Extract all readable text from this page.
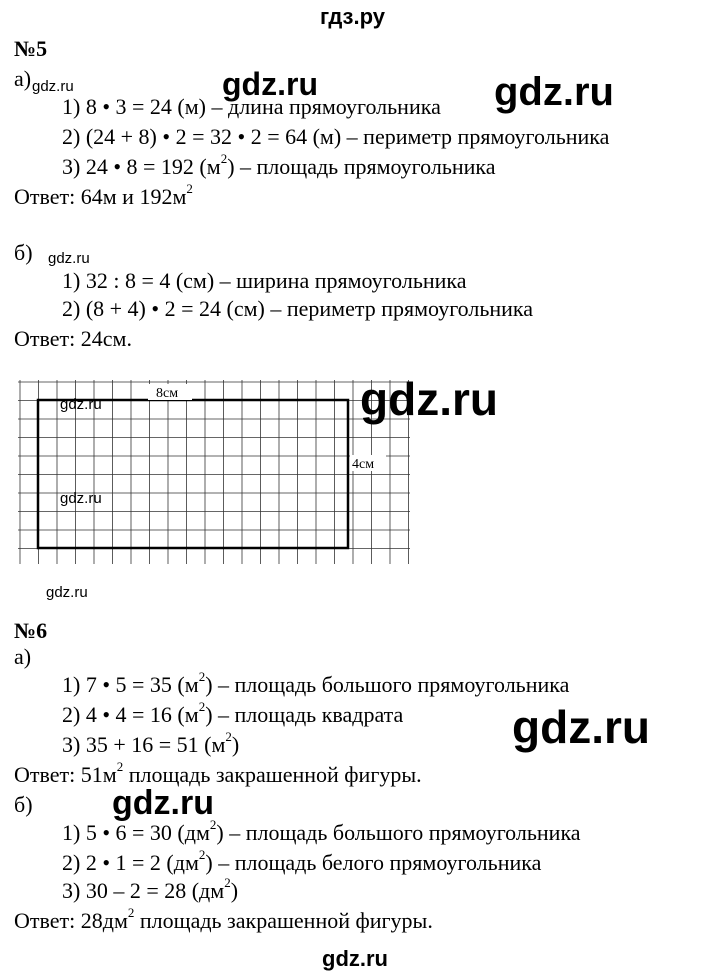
гдз.ру
№5
а) gdz.ru	gdz.ru	gdz.ru
1) 8 • 3 = 24 (м) – длина прямоугольника
2) (24 + 8) • 2 = 32 • 2 = 64 (м) – периметр прямоугольника
3) 24 • 8 = 192 $(м^2)$ – площадь прямоугольника
Ответ: 64м и $192м^2$
б) gdz.ru
1) 32 : 8 = 4 (см) – ширина прямоугольника
2) (8 + 4) • 2 = 24 (см) – периметр прямоугольника
Ответ: 24см.
8см
4см
gdz.ru
gdz.ru
gdz.ru
gdz.ru
№6
а)
1) 7 • 5 = 35 $(м^2)$ – площадь большого прямоугольника
2) 4 • 4 = 16 $(м^2)$ – площадь квадрата
3) 35 + 16 = 51 $(м^2)$	gdz.ru
Ответ: $51м^2$ площадь закрашенной фигуры.
б) gdz.ru
1) 5 • 6 = 30 $(дм^2)$ – площадь большого прямоугольника
2) 2 • 1 = 2 $(дм^2)$ – площадь белого прямоугольника
3) 30 – 2 = 28 $(дм^2)$
Ответ: $28дм^2$ площадь закрашенной фигуры.
gdz.ru
